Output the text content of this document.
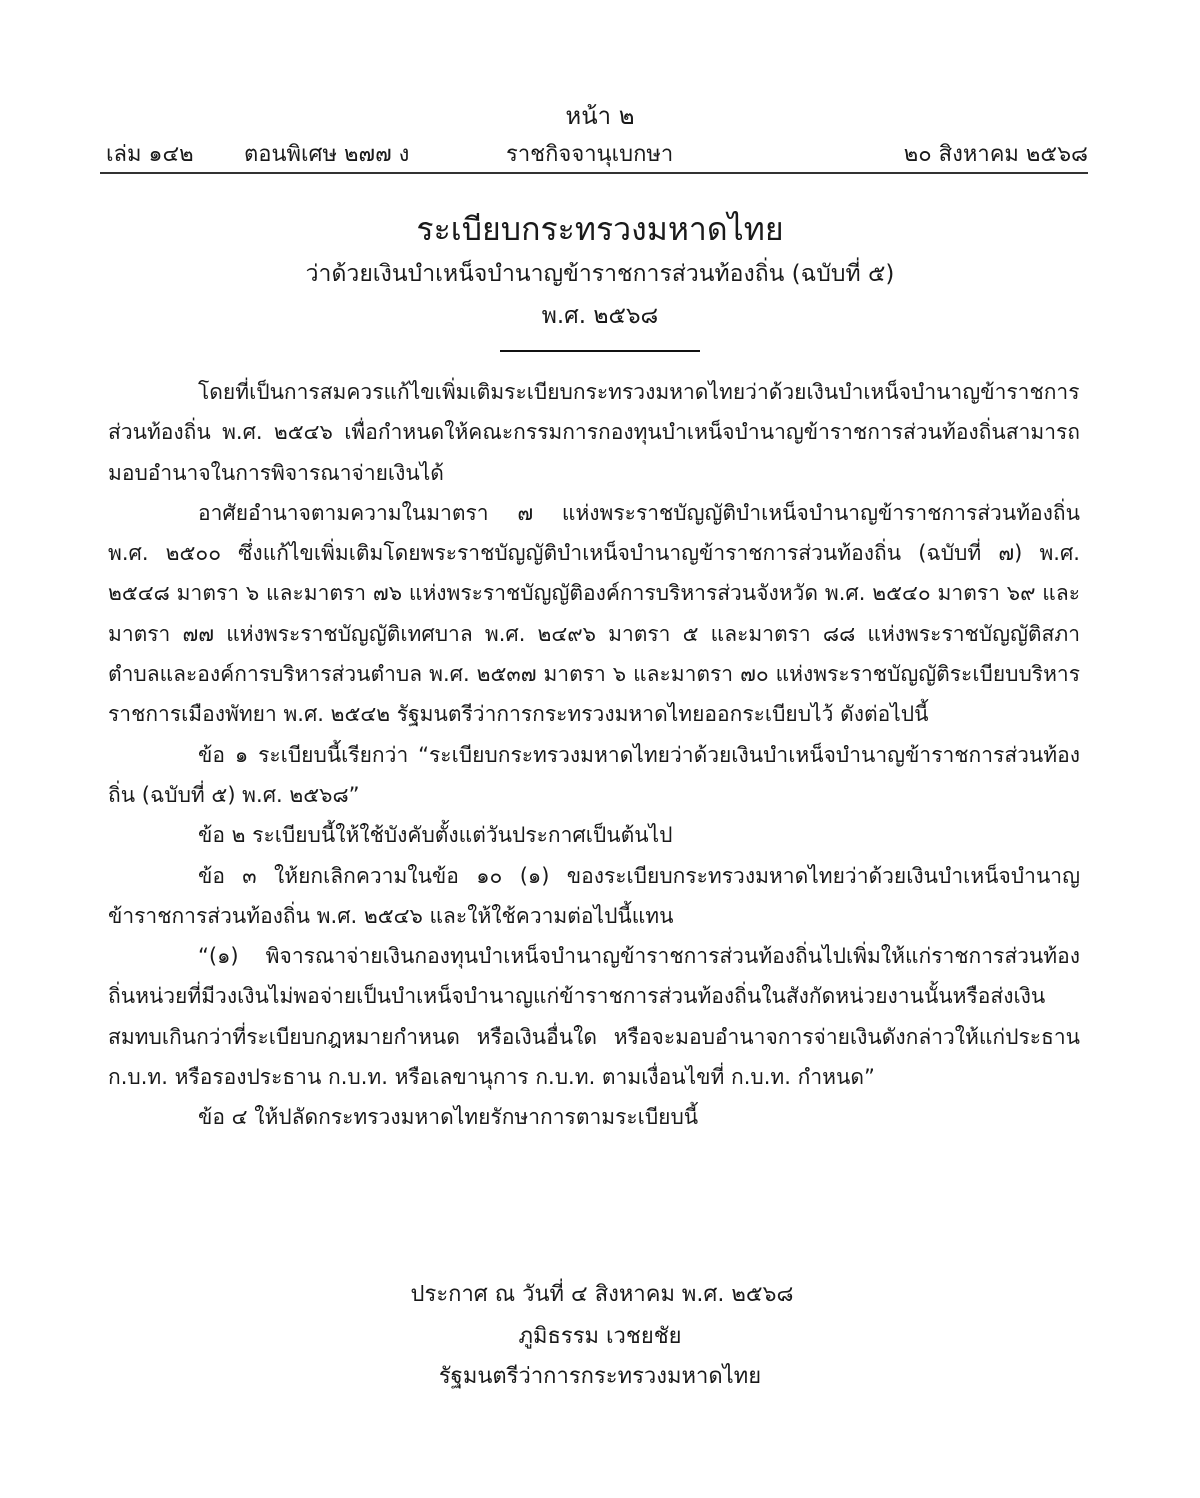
หน้า ๒
เล่ม ๑๔๒ ตอนพิเศษ ๒๗๗ ง	ราชกิจจานุเบกษา	๒๐ สิงหาคม ๒๕๖๘
ระเบียบกระทรวงมหาดไทย
ว่าด้วยเงินบำเหน็จบำนาญข้าราชการส่วนท้องถิ่น (ฉบับที่ ๕)
พ.ศ. ๒๕๖๘

โดยที่เป็นการสมควรแก้ไขเพิ่มเติมระเบียบกระทรวงมหาดไทยว่าด้วยเงินบำเหน็จบำนาญข้าราชการส่วนท้องถิ่น พ.ศ. ๒๕๔๖ เพื่อกำหนดให้คณะกรรมการกองทุนบำเหน็จบำนาญข้าราชการส่วนท้องถิ่นสามารถมอบอำนาจในการพิจารณาจ่ายเงินได้

อาศัยอำนาจตามความในมาตรา ๗ แห่งพระราชบัญญัติบำเหน็จบำนาญข้าราชการส่วนท้องถิ่น พ.ศ. ๒๕๐๐ ซึ่งแก้ไขเพิ่มเติมโดยพระราชบัญญัติบำเหน็จบำนาญข้าราชการส่วนท้องถิ่น (ฉบับที่ ๗) พ.ศ. ๒๕๔๘ มาตรา ๖ และมาตรา ๗๖ แห่งพระราชบัญญัติองค์การบริหารส่วนจังหวัด พ.ศ. ๒๕๔๐ มาตรา ๖๙ และมาตรา ๗๗ แห่งพระราชบัญญัติเทศบาล พ.ศ. ๒๔๙๖ มาตรา ๕ และมาตรา ๘๘ แห่งพระราชบัญญัติสภาตำบลและองค์การบริหารส่วนตำบล พ.ศ. ๒๕๓๗ มาตรา ๖ และมาตรา ๗๐ แห่งพระราชบัญญัติระเบียบบริหารราชการเมืองพัทยา พ.ศ. ๒๕๔๒ รัฐมนตรีว่าการกระทรวงมหาดไทยออกระเบียบไว้ ดังต่อไปนี้

ข้อ ๑ ระเบียบนี้เรียกว่า “ระเบียบกระทรวงมหาดไทยว่าด้วยเงินบำเหน็จบำนาญข้าราชการส่วนท้องถิ่น (ฉบับที่ ๕) พ.ศ. ๒๕๖๘”

ข้อ ๒ ระเบียบนี้ให้ใช้บังคับตั้งแต่วันประกาศเป็นต้นไป

ข้อ ๓ ให้ยกเลิกความในข้อ ๑๐ (๑) ของระเบียบกระทรวงมหาดไทยว่าด้วยเงินบำเหน็จบำนาญข้าราชการส่วนท้องถิ่น พ.ศ. ๒๕๔๖ และให้ใช้ความต่อไปนี้แทน

“(๑) พิจารณาจ่ายเงินกองทุนบำเหน็จบำนาญข้าราชการส่วนท้องถิ่นไปเพิ่มให้แก่ราชการส่วนท้องถิ่นหน่วยที่มีวงเงินไม่พอจ่ายเป็นบำเหน็จบำนาญแก่ข้าราชการส่วนท้องถิ่นในสังกัดหน่วยงานนั้นหรือส่งเงินสมทบเกินกว่าที่ระเบียบกฎหมายกำหนด หรือเงินอื่นใด หรือจะมอบอำนาจการจ่ายเงินดังกล่าวให้แก่ประธาน ก.บ.ท. หรือรองประธาน ก.บ.ท. หรือเลขานุการ ก.บ.ท. ตามเงื่อนไขที่ ก.บ.ท. กำหนด”

ข้อ ๔ ให้ปลัดกระทรวงมหาดไทยรักษาการตามระเบียบนี้

ประกาศ ณ วันที่ ๔ สิงหาคม พ.ศ. ๒๕๖๘
ภูมิธรรม เวชยชัย
รัฐมนตรีว่าการกระทรวงมหาดไทย
